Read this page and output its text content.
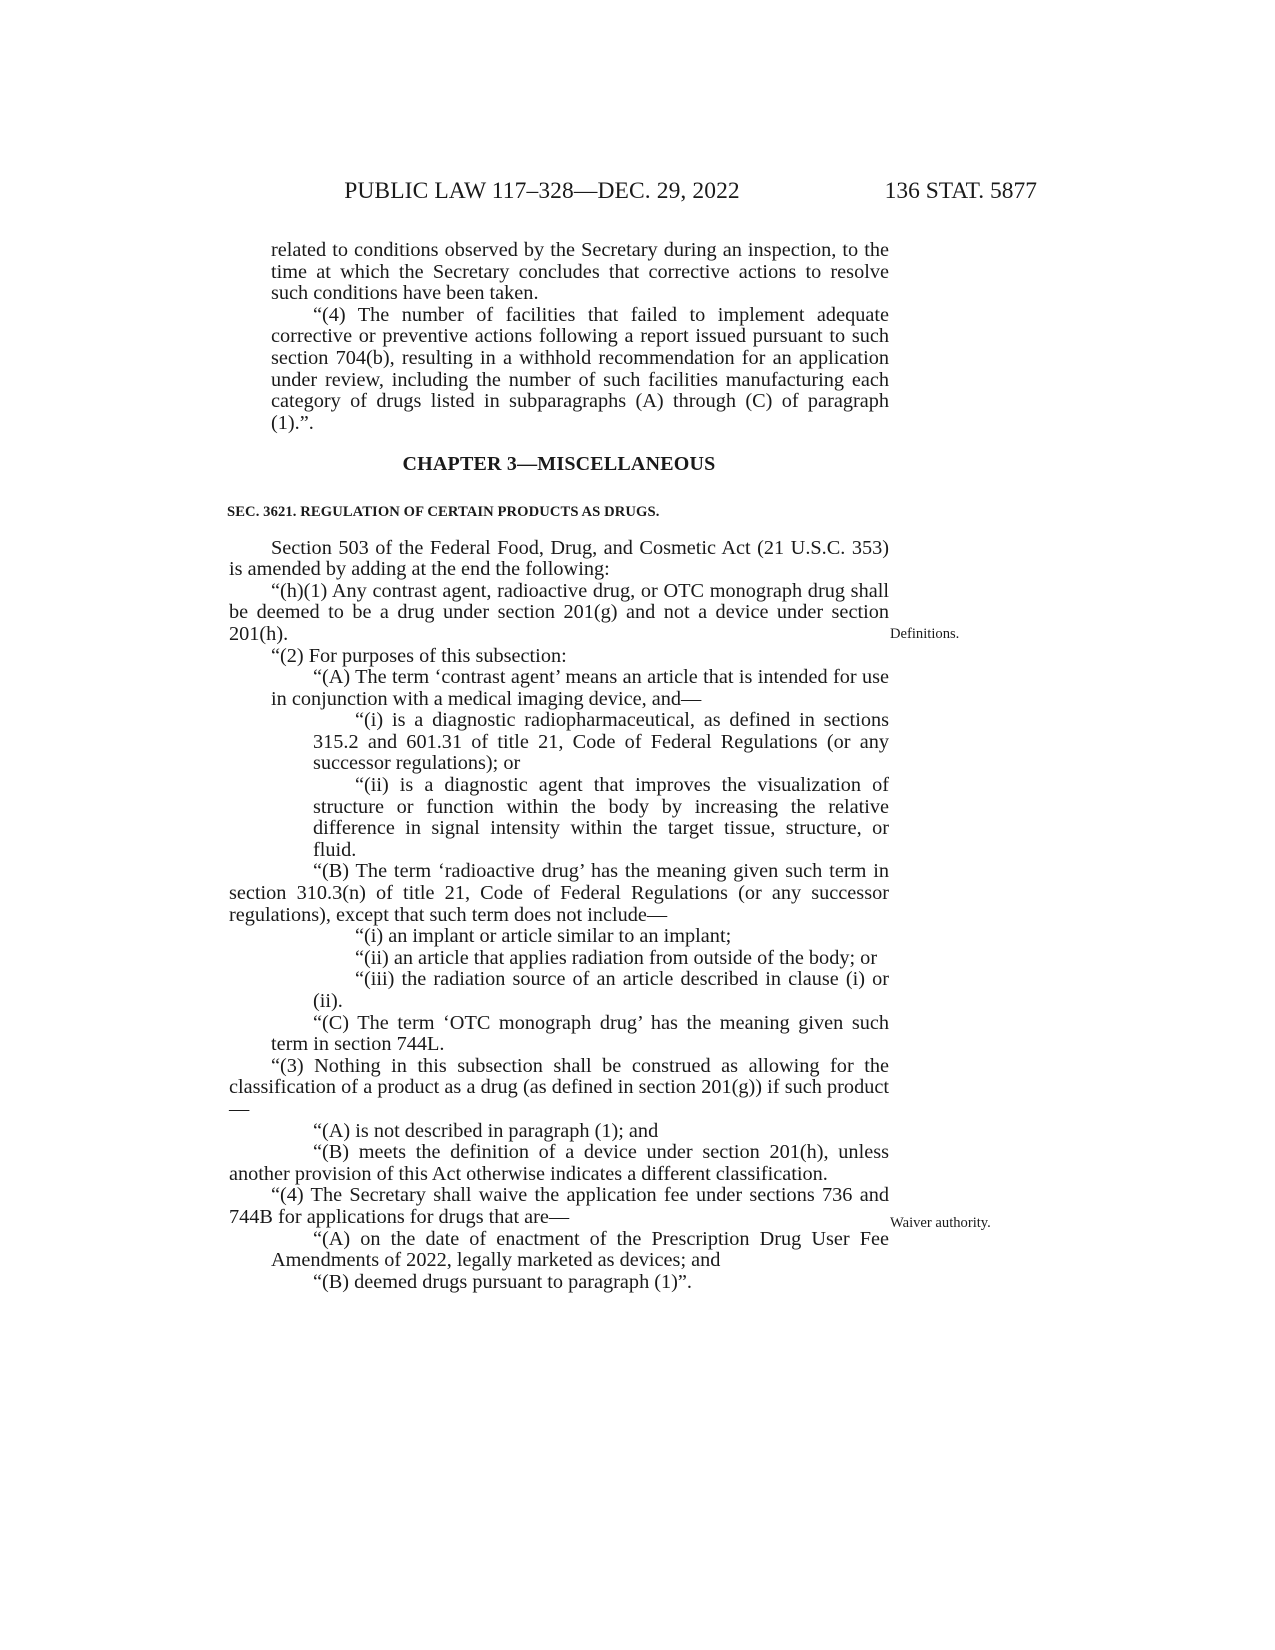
PUBLIC LAW 117–328—DEC. 29, 2022	136 STAT. 5877

related to conditions observed by the Secretary during an inspection, to the time at which the Secretary concludes that corrective actions to resolve such conditions have been taken.

“(4) The number of facilities that failed to implement adequate corrective or preventive actions following a report issued pursuant to such section 704(b), resulting in a withhold recommendation for an application under review, including the number of such facilities manufacturing each category of drugs listed in subparagraphs (A) through (C) of paragraph (1).”.

CHAPTER 3—MISCELLANEOUS

SEC. 3621. REGULATION OF CERTAIN PRODUCTS AS DRUGS.

Section 503 of the Federal Food, Drug, and Cosmetic Act (21 U.S.C. 353) is amended by adding at the end the following:

“(h)(1) Any contrast agent, radioactive drug, or OTC monograph drug shall be deemed to be a drug under section 201(g) and not a device under section 201(h).

“(2) For purposes of this subsection:

“(A) The term ‘contrast agent’ means an article that is intended for use in conjunction with a medical imaging device, and—

“(i) is a diagnostic radiopharmaceutical, as defined in sections 315.2 and 601.31 of title 21, Code of Federal Regulations (or any successor regulations); or

“(ii) is a diagnostic agent that improves the visualization of structure or function within the body by increasing the relative difference in signal intensity within the target tissue, structure, or fluid.

“(B) The term ‘radioactive drug’ has the meaning given such term in section 310.3(n) of title 21, Code of Federal Regulations (or any successor regulations), except that such term does not include—

“(i) an implant or article similar to an implant;

“(ii) an article that applies radiation from outside of the body; or

“(iii) the radiation source of an article described in clause (i) or (ii).

“(C) The term ‘OTC monograph drug’ has the meaning given such term in section 744L.

“(3) Nothing in this subsection shall be construed as allowing for the classification of a product as a drug (as defined in section 201(g)) if such product—

“(A) is not described in paragraph (1); and

“(B) meets the definition of a device under section 201(h), unless another provision of this Act otherwise indicates a different classification.

“(4) The Secretary shall waive the application fee under sections 736 and 744B for applications for drugs that are—

“(A) on the date of enactment of the Prescription Drug User Fee Amendments of 2022, legally marketed as devices; and

“(B) deemed drugs pursuant to paragraph (1)”.

Definitions.
Waiver authority.
